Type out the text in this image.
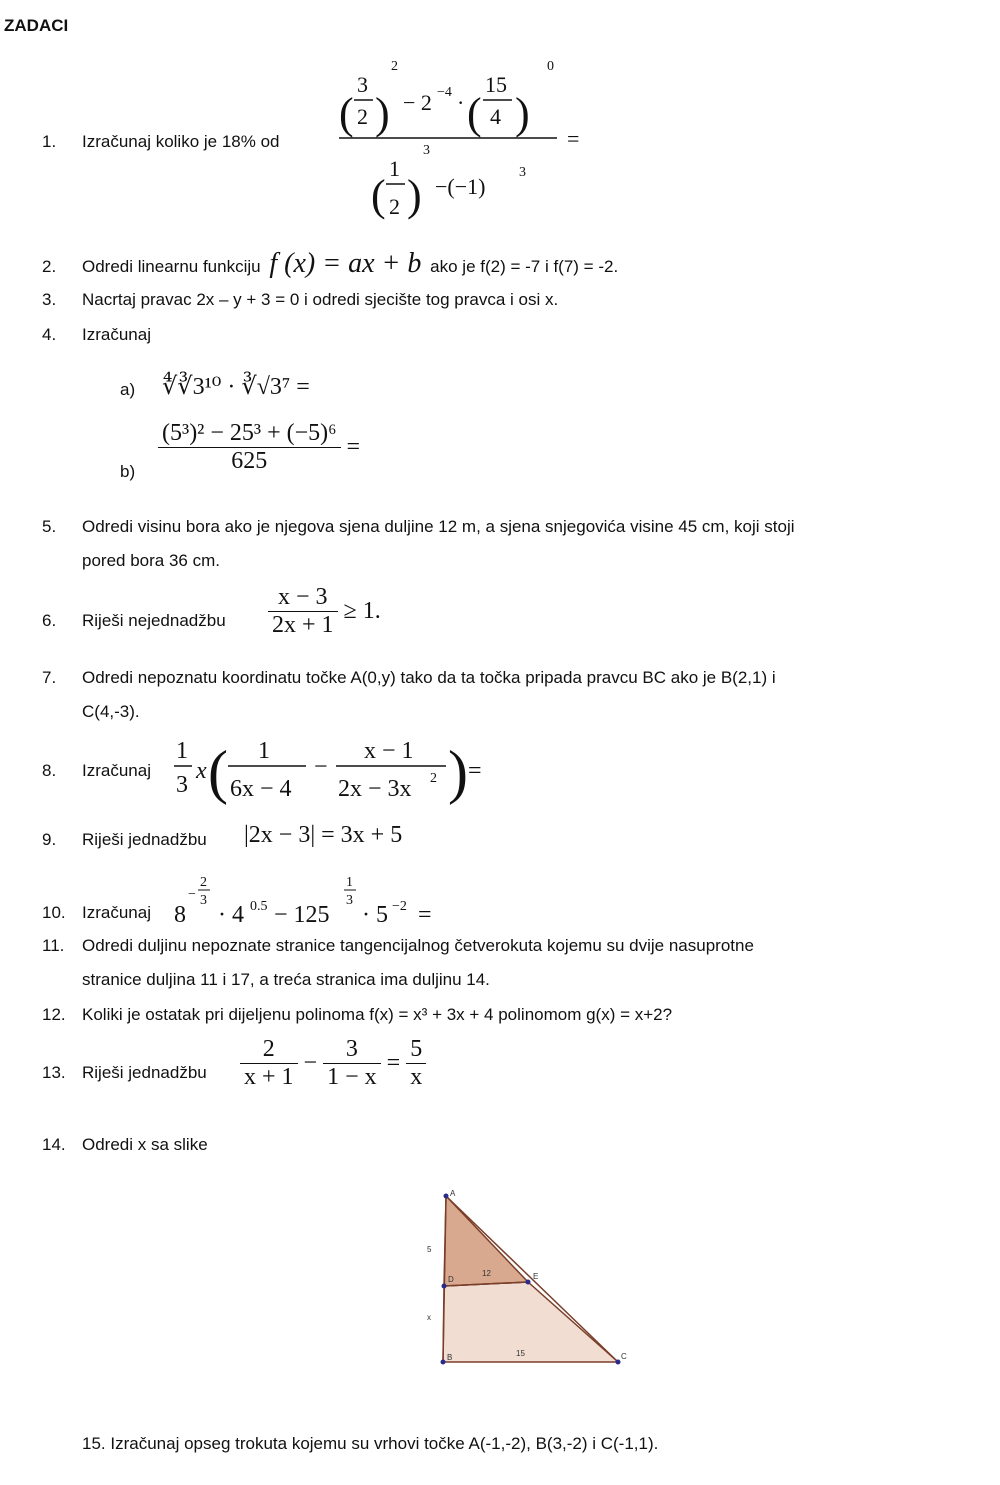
ZADACI
1. Izračunaj koliko je 18% od
(
3
2 )
2
− 2 −4 · (
15
4 )
0
=
(
1
2 )
3
−(−1)
3
2. Odredi linearnu funkciju f (x) = ax + b ako je f(2) = -7 i f(7) = -2.
3. Nacrtaj pravac 2x – y + 3 = 0 i odredi sjecište tog pravca i osi x.
4. Izračunaj
a) ∜∛3¹⁰ · ∛√3⁷ =
$b) \frac{\text{(5³)² − 25³ + (−5)⁶}}{625}$ =
5. Odredi visinu bora ako je njegova sjena duljine 12 m, a sjena snjegovića visine 45 cm, koji stoji
pored bora 36 cm.
6. Riješi nejednadžbu $\frac{x - 3}{2x + 1} \ge 1$.
7. Odredi nepoznatu koordinatu točke A(0,y) tako da ta točka pripada pravcu BC ako je B(2,1) i
C(4,-3).
8. Izračunaj
1
3
x ( 1
6x − 4
−
x − 1
2x − 3x 2 ) =
9. Riješi jednadžbu |2x − 3| = 3x + 5
10. Izračunaj 8
−
2
3
· 4 0.5 − 125
1
3
· 5 −2 =
11. Odredi duljinu nepoznate stranice tangencijalnog četverokuta kojemu su dvije nasuprotne
stranice duljina 11 i 17, a treća stranica ima duljinu 14.
12. Koliki je ostatak pri dijeljenu polinoma f(x) = x³ + 3x + 4 polinomom g(x) = x+2?
13. Riješi jednadžbu $\frac{2}{x + 1} - \frac{3}{1 - x} = \frac{5}{x}$
14. Odredi x sa slike
A
D	E
B	C
5
x
12
15
15. Izračunaj opseg trokuta kojemu su vrhovi točke A(-1,-2), B(3,-2) i C(-1,1).
